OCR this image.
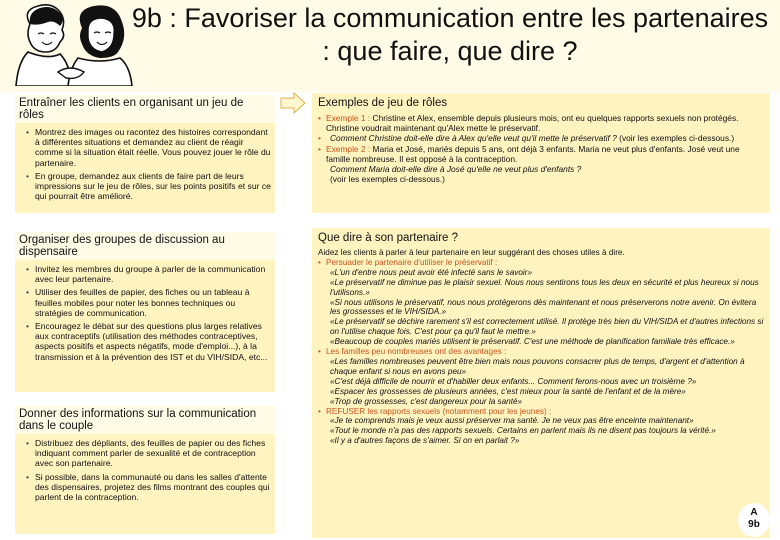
9b : Favoriser la communication entre les partenaires : que faire, que dire ?

Entraîner les clients en organisant un jeu de rôles

• Montrez des images ou racontez des histoires correspondant à différentes situations et demandez au client de réagir comme si la situation était réelle. Vous pouvez jouer le rôle du partenaire.
• En groupe, demandez aux clients de faire part de leurs impressions sur le jeu de rôles, sur les points positifs et sur ce qui pourrait être amélioré.

Organiser des groupes de discussion au dispensaire

• Invitez les membres du groupe à parler de la communication avec leur partenaire.
• Utiliser des feuilles de papier, des fiches ou un tableau à feuilles mobiles pour noter les bonnes techniques ou stratégies de communication.
• Encouragez le débat sur des questions plus larges relatives aux contraceptifs (utilisation des méthodes contraceptives, aspects positifs et aspects négatifs, mode d'emploi...), à la transmission et à la prévention des IST et du VIH/SIDA, etc...

Donner des informations sur la communication dans le couple

• Distribuez des dépliants, des feuilles de papier ou des fiches indiquant comment parler de sexualité et de contraception avec son partenaire.
• Si possible, dans la communauté ou dans les salles d'attente des dispensaires, projetez des films montrant des couples qui parlent de la contraception.
Exemples de jeu de rôles

• Exemple 1 : Christine et Alex, ensemble depuis plusieurs mois, ont eu quelques rapports sexuels non protégés. Christine voudrait maintenant qu'Alex mette le préservatif.

• Comment Christine doit-elle dire à Alex qu'elle veut qu'il mette le préservatif ? (voir les exemples ci-dessous.)

• Exemple 2 : Maria et José, mariés depuis 5 ans, ont déjà 3 enfants. Maria ne veut plus d'enfants. José veut une famille nombreuse. Il est opposé à la contraception.

Comment Maria doit-elle dire à José qu'elle ne veut plus d'enfants ?

(voir les exemples ci-dessous.)

Que dire à son partenaire ?

Aidez les clients à parler à leur partenaire en leur suggérant des choses utiles à dire.

• Persuader le partenaire d'utiliser le préservatif :

«L'un d'entre nous peut avoir été infecté sans le savoir»

«Le préservatif ne diminue pas le plaisir sexuel. Nous nous sentirons tous les deux en sécurité et plus heureux si nous l'utilisons.»

«Si nous utilisons le préservatif, nous nous protégerons dès maintenant et nous préserverons notre avenir. On évitera les grossesses et le VIH/SIDA.»

«Le préservatif se déchire rarement s'il est correctement utilisé. Il protège très bien du VIH/SIDA et d'autres infections si on l'utilise chaque fois. C'est pour ça qu'il faut le mettre.»

«Beaucoup de couples mariés utilisent le préservatif. C'est une méthode de planification familiale très efficace.»

• Les familles peu nombreuses ont des avantages :

«Les familles nombreuses peuvent être bien mais nous pouvons consacrer plus de temps, d'argent et d'attention à chaque enfant si nous en avons peu»

«C'est déjà difficile de nourrir et d'habiller deux enfants... Comment ferons-nous avec un troisième ?»

«Espacer les grossesses de plusieurs années, c'est mieux pour la santé de l'enfant et de la mère»

«Trop de grossesses, c'est dangereux pour la santé»

• REFUSER les rapports sexuels (notamment pour les jeunes) :

«Je te comprends mais je veux aussi préserver ma santé. Je ne veux pas être enceinte maintenant»

«Tout le monde n'a pas des rapports sexuels. Certains en parlent mais ils ne disent pas toujours la vérité.»

«Il y a d'autres façons de s'aimer. Si on en parlait ?»

A
9b
